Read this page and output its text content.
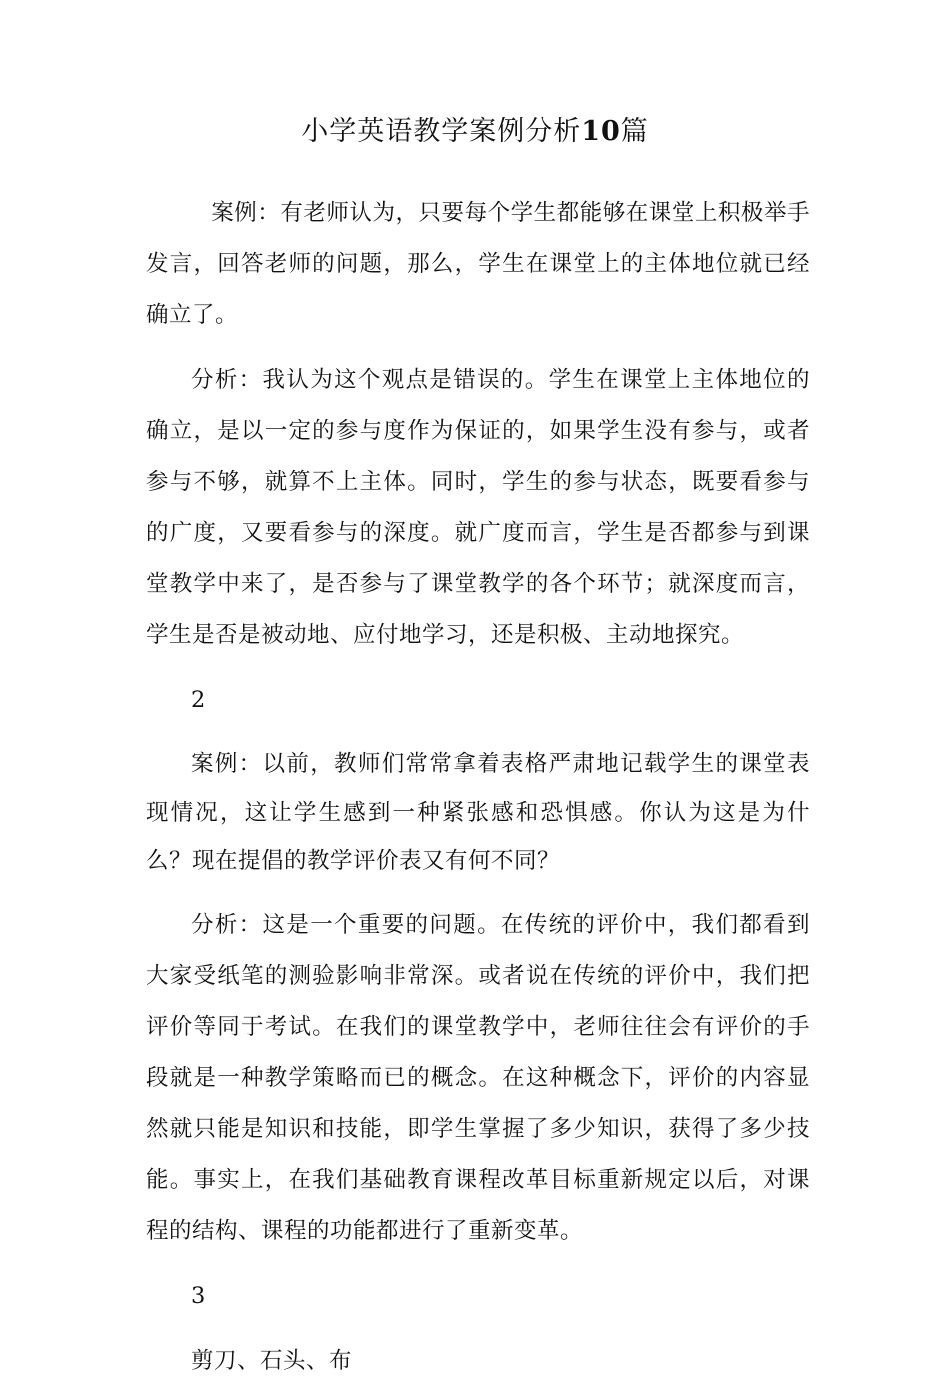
小学英语教学案例分析10篇

案例：有老师认为，只要每个学生都能够在课堂上积极举手发言，回答老师的问题，那么，学生在课堂上的主体地位就已经确立了。

分析：我认为这个观点是错误的。学生在课堂上主体地位的确立，是以一定的参与度作为保证的，如果学生没有参与，或者参与不够，就算不上主体。同时，学生的参与状态，既要看参与的广度，又要看参与的深度。就广度而言，学生是否都参与到课堂教学中来了，是否参与了课堂教学的各个环节；就深度而言，学生是否是被动地、应付地学习，还是积极、主动地探究。

2

案例：以前，教师们常常拿着表格严肃地记载学生的课堂表现情况，这让学生感到一种紧张感和恐惧感。你认为这是为什么？现在提倡的教学评价表又有何不同？

分析：这是一个重要的问题。在传统的评价中，我们都看到大家受纸笔的测验影响非常深。或者说在传统的评价中，我们把评价等同于考试。在我们的课堂教学中，老师往往会有评价的手段就是一种教学策略而已的概念。在这种概念下，评价的内容显然就只能是知识和技能，即学生掌握了多少知识，获得了多少技能。事实上，在我们基础教育课程改革目标重新规定以后，对课程的结构、课程的功能都进行了重新变革。

3

剪刀、石头、布
